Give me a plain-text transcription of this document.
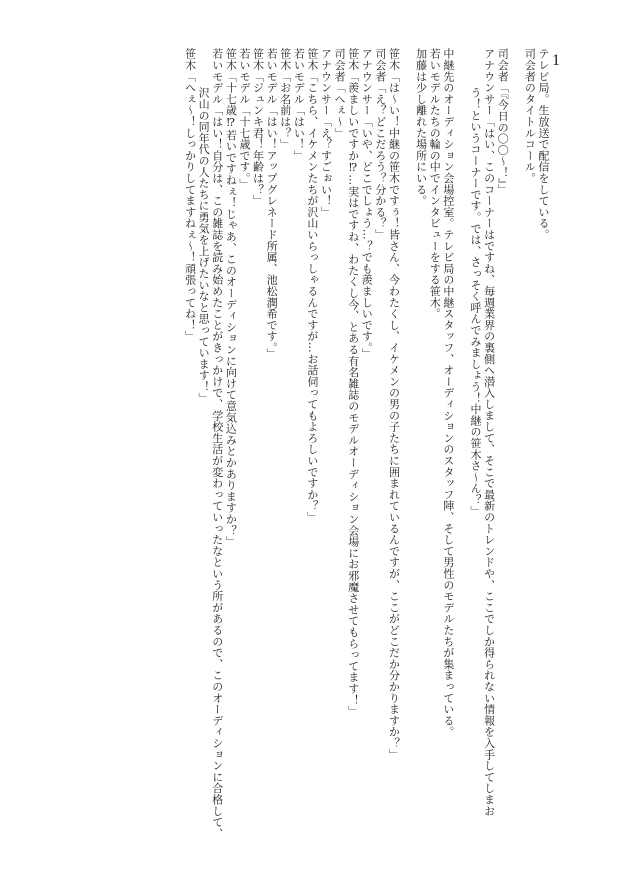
1
テレビ局。生放送で配信をしている。
司会者のタイトルコール。
司会者「『今日の〇〇〜！』」
アナウンサー「はい、このコーナーはですね、毎週業界の裏側へ潜入しまして、そこで最新のトレンドや、ここでしか得られない情報を入手してしまお
う！というコーナーです。では、さっそく呼んでみましょう！中継の笹木さ〜ん？」
中継先のオーディション会場控室。テレビ局の中継スタッフ、オーディションのスタッフ陣、そして男性のモデルたちが集まっている。
若いモデルたちの輪の中でインタビューをする笹木。
加藤は少し離れた場所にいる。
笹木「は〜い！中継の笹木ですぅ！皆さん、今わたくし、イケメンの男の子たちに囲まれているんですが、ここがどこだか分かりますか？」
司会者「え？どこだろう？分かる？」
アナウンサー「いや、どこでしょう…？でも羨ましいです。」
笹木「羨ましいですか⁉︎…実はですね、わたくし今、とある有名雑誌のモデルオーディション会場にお邪魔させてもらってます！」
司会者「へぇ〜」
アナウンサー「え？すごぉい！」
笹木「こちら、イケメンたちが沢山いらっしゃるんですが…お話伺ってもよろしいですか？」
若いモデル「はい！」
笹木「お名前は？」
若いモデル「はい！アップグレネード所属、池松潤希です。」
笹木「ジュンキ君！年齢は？」
若いモデル「十七歳です。」
笹木「十七歳⁉︎若いですねぇ！じゃあ、このオーディションに向けて意気込みとかありますか？」
若いモデル「はい！自分は、この雑誌を読み始めたことがきっかけで、学校生活が変わっていったなという所があるので、このオーディションに合格して、
沢山の同年代の人たちに勇気を上げたいなと思っています！」
笹木「へぇ〜！しっかりしてますねぇ〜！頑張ってね！」
